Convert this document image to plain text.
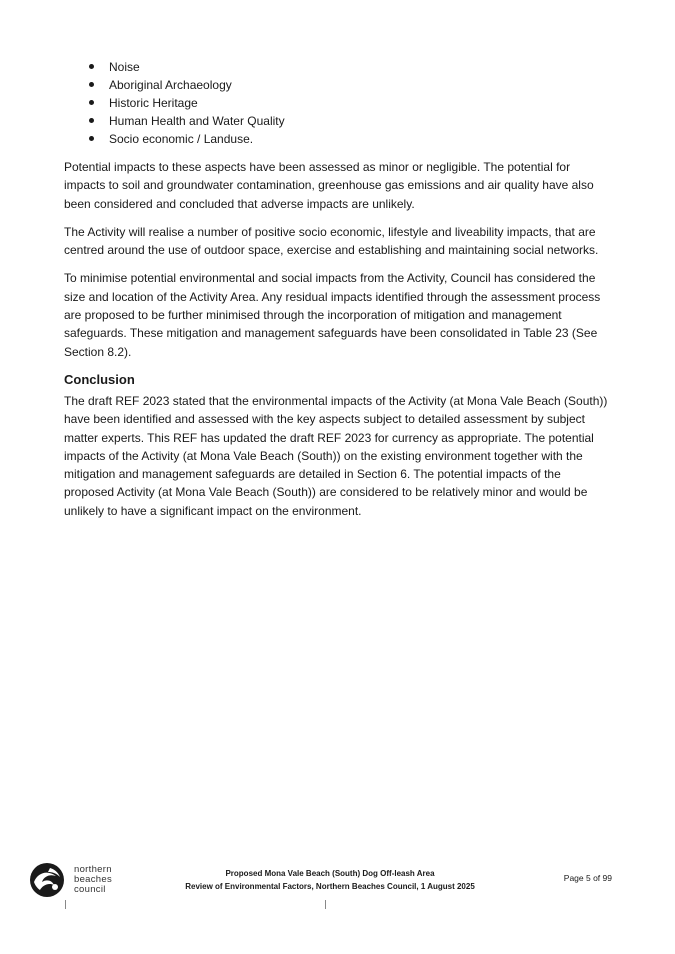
Noise
Aboriginal Archaeology
Historic Heritage
Human Health and Water Quality
Socio economic / Landuse.

Potential impacts to these aspects have been assessed as minor or negligible. The potential for impacts to soil and groundwater contamination, greenhouse gas emissions and air quality have also been considered and concluded that adverse impacts are unlikely.

The Activity will realise a number of positive socio economic, lifestyle and liveability impacts, that are centred around the use of outdoor space, exercise and establishing and maintaining social networks.

To minimise potential environmental and social impacts from the Activity, Council has considered the size and location of the Activity Area. Any residual impacts identified through the assessment process are proposed to be further minimised through the incorporation of mitigation and management safeguards. These mitigation and management safeguards have been consolidated in Table 23 (See Section 8.2).

Conclusion

The draft REF 2023 stated that the environmental impacts of the Activity (at Mona Vale Beach (South)) have been identified and assessed with the key aspects subject to detailed assessment by subject matter experts. This REF has updated the draft REF 2023 for currency as appropriate. The potential impacts of the Activity (at Mona Vale Beach (South)) on the existing environment together with the mitigation and management safeguards are detailed in Section 6. The potential impacts of the proposed Activity (at Mona Vale Beach (South)) are considered to be relatively minor and would be unlikely to have a significant impact on the environment.

northern
beaches
council
Proposed Mona Vale Beach (South) Dog Off-leash Area
Review of Environmental Factors, Northern Beaches Council, 1 August 2025
Page 5 of 99
